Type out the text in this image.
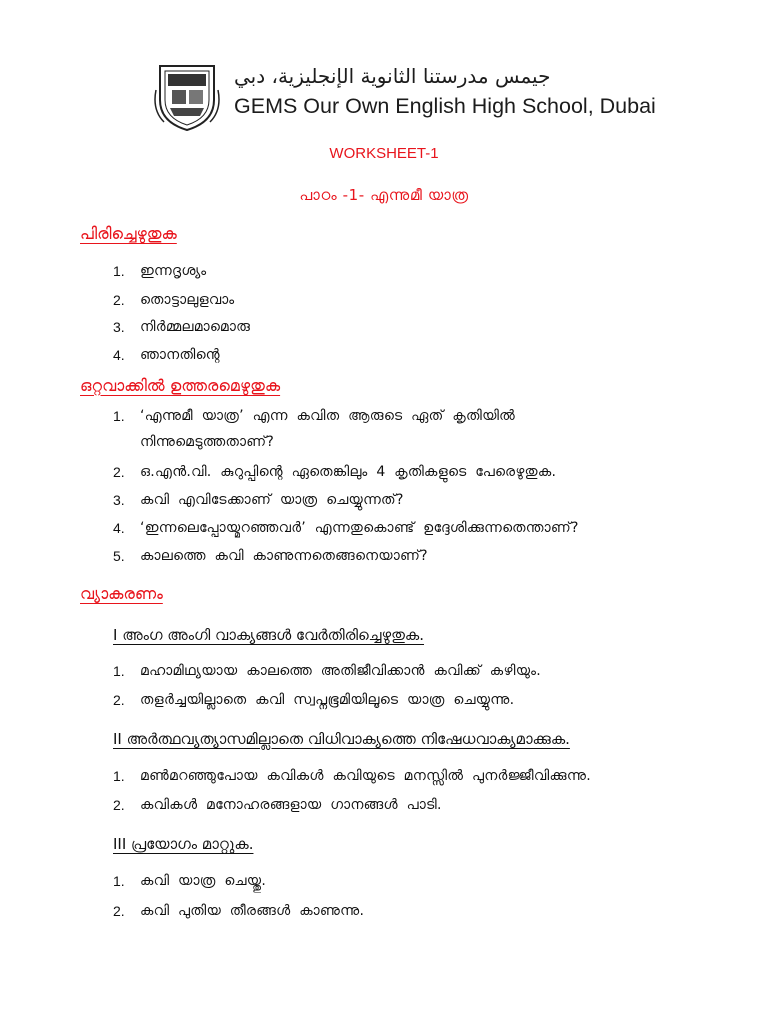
جيمس مدرستنا الثانوية الإنجليزية، دبي
GEMS Our Own English High School, Dubai
WORKSHEET-1
പാഠം -1- എന്നുമീ യാത്ര
പിരിച്ചെഴുതുക
1. ഇന്നദൃശ്യം
2. തൊട്ടാലുളവാം
3. നിർമ്മലമാമൊരു
4. ഞാനതിന്റെ
ഒറ്റവാക്കിൽ ഉത്തരമെഴുതുക
1. ‘എന്നുമീ യാത്ര’ എന്ന കവിത ആരുടെ ഏത് കൃതിയിൽ
നിന്നുമെടുത്തതാണ്?
2. ഒ.എൻ.വി. കുറുപ്പിന്റെ ഏതെങ്കിലും 4 കൃതികളുടെ പേരെഴുതുക.
3. കവി എവിടേക്കാണ് യാത്ര ചെയ്യുന്നത്?
4. ‘ഇന്നലെപ്പോയ്മറഞ്ഞവർ’ എന്നതുകൊണ്ട് ഉദ്ദേശിക്കുന്നതെന്താണ്?
5. കാലത്തെ കവി കാണുന്നതെങ്ങനെയാണ്?
വ്യാകരണം
I അംഗ അംഗി വാക്യങ്ങൾ വേർതിരിച്ചെഴുതുക.
1. മഹാമിഥ്യയായ കാലത്തെ അതിജീവിക്കാൻ കവിക്ക് കഴിയും.
2. തളർച്ചയില്ലാതെ കവി സ്വപ്നഭൂമിയിലൂടെ യാത്ര ചെയ്യുന്നു.
II അർത്ഥവ്യത്യാസമില്ലാതെ വിധിവാക്യത്തെ നിഷേധവാക്യമാക്കുക.
1. മൺമറഞ്ഞുപോയ കവികൾ കവിയുടെ മനസ്സിൽ പുനർജ്ജീവിക്കുന്നു.
2. കവികൾ മനോഹരങ്ങളായ ഗാനങ്ങൾ പാടി.
III പ്രയോഗം മാറ്റുക.
1. കവി യാത്ര ചെയ്തു.
2. കവി പുതിയ തീരങ്ങൾ കാണുന്നു.
